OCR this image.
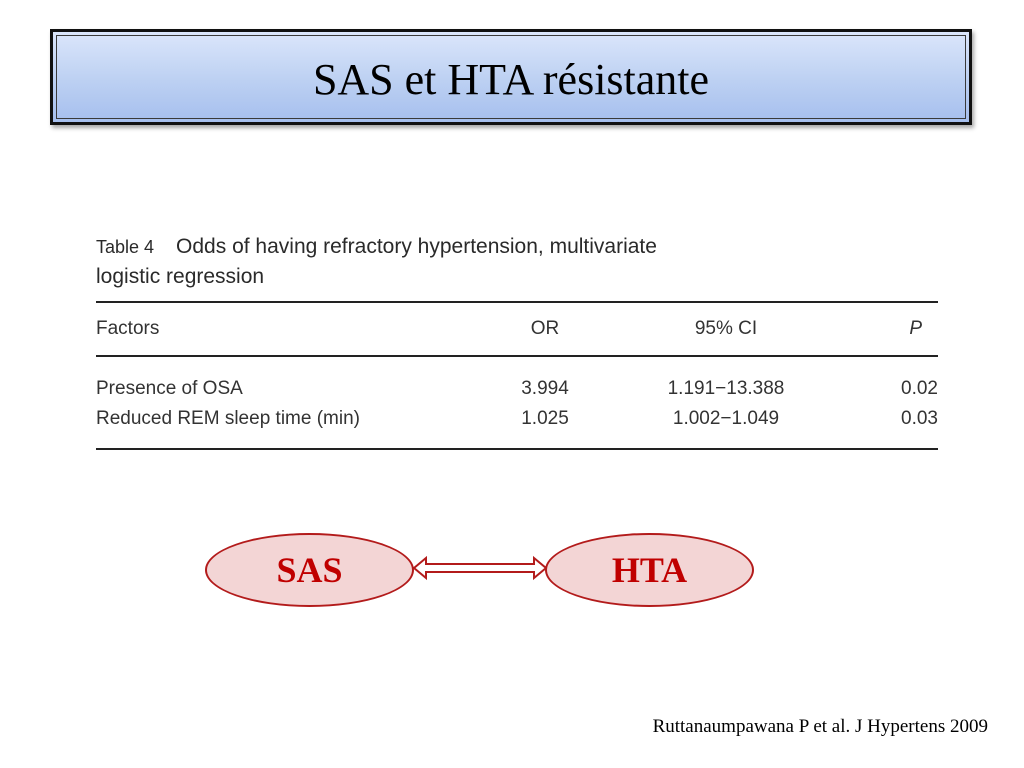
SAS et HTA résistante
Table 4 Odds of having refractory hypertension, multivariate
logistic regression
Factors	OR	95% CI	P
Presence of OSA	3.994	1.191−13.388	0.02
Reduced REM sleep time (min)	1.025	1.002−1.049	0.03
SAS	HTA
Ruttanaumpawana P et al. J Hypertens 2009
